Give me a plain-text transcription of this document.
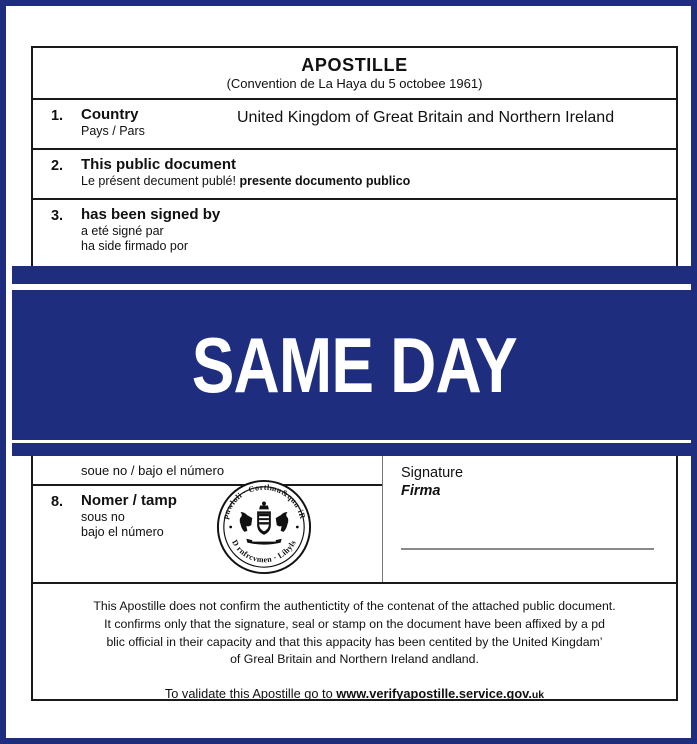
APOSTILLE
(Convention de La Haya du 5 octobee 1961)
1.	Country
Pays / Pars
United Kingdom of Great Britain and Northern Ireland
2.	This public document
Le présent decument publé! presente documento publico
3.	has been signed by
a eté signé par
ha side firmado por
SAME DAY
soue no / bajo el número
8.	Nomer / tamp
sous no
bajo el número
pnwloli · Cortlmu&quu·iR
D rnfrcvmen · Lihyls
Signature
Firma

This Apostille does not confirm the authentictity of the contenat of the attached public document.

It confirms only that the signature, seal or stamp on the document have been affixed by a pd

blic official in their capacity and that this appacity has been centited by the United Kingdam’

of Greal Britain and Northern Ireland andland.

To validate this Apostille go to www.verifyapostille.service.gov.uk
